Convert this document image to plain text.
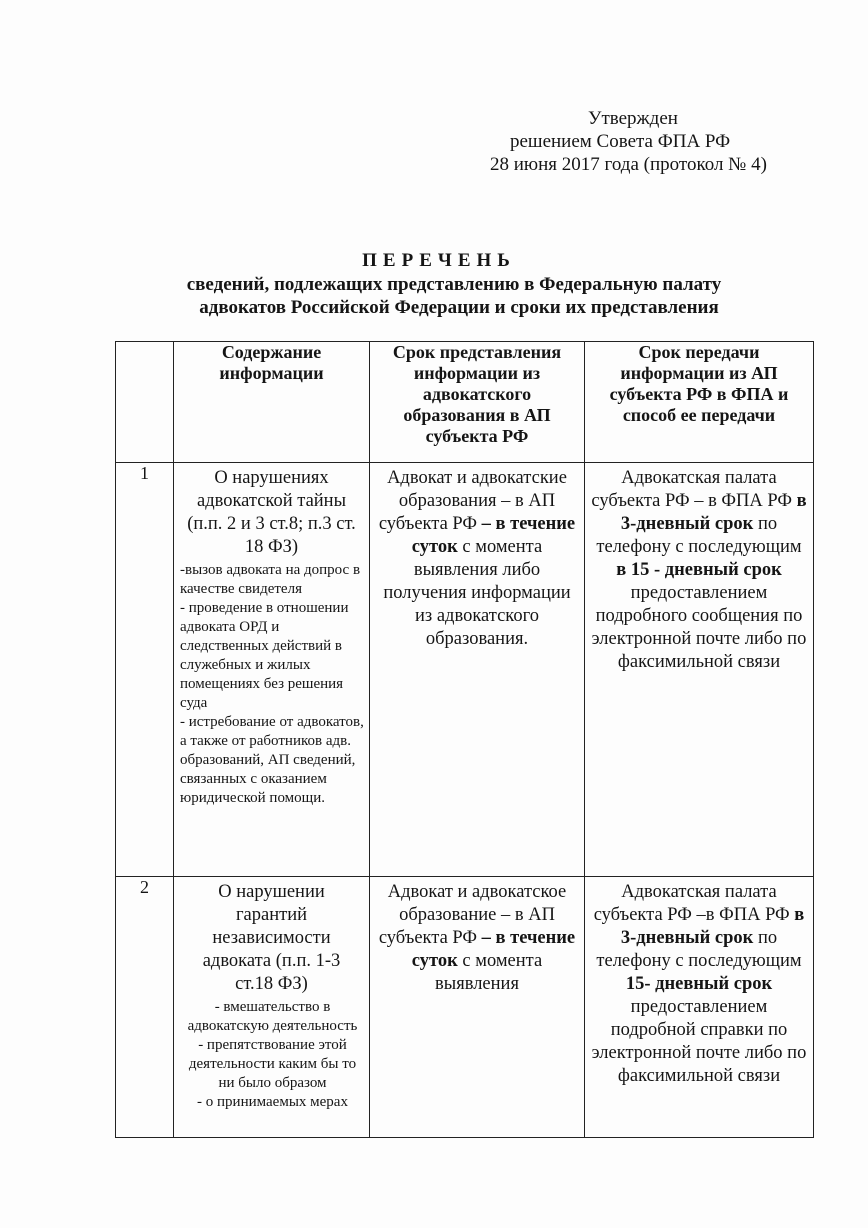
Утвержден
решением Совета ФПА РФ
28 июня 2017 года (протокол № 4)
ПЕРЕЧЕНЬ
сведений, подлежащих представлению в Федеральную палату
адвокатов Российской Федерации и сроки их представления
	Содержание информации	Срок представления информации из адвокатского образования в АП субъекта РФ	Срок передачи информации из АП субъекта РФ в ФПА и способ ее передачи
1	О нарушениях адвокатской тайны (п.п. 2 и 3 ст.8; п.3 ст. 18 ФЗ)
-вызов адвоката на допрос в качестве свидетеля
- проведение в отношении адвоката ОРД и следственных действий в служебных и жилых помещениях без решения суда
- истребование от адвокатов, а также от работников адв. образований, АП сведений, связанных с оказанием юридической помощи.	Адвокат и адвокатские образования – в АП субъекта РФ – в течение суток с момента выявления либо получения информации из адвокатского образования.	Адвокатская палата субъекта РФ – в ФПА РФ в 3-дневный срок по телефону с последующим в 15 - дневный срок предоставлением подробного сообщения по электронной почте либо по факсимильной связи

2	О нарушении гарантий независимости адвоката (п.п. 1-3 ст.18 ФЗ)
- вмешательство в адвокатскую деятельность
- препятствование этой деятельности каким бы то ни было образом
- о принимаемых мерах	Адвокат и адвокатское образование – в АП субъекта РФ – в течение суток с момента выявления	Адвокатская палата субъекта РФ –в ФПА РФ в 3-дневный срок по телефону с последующим 15- дневный срок предоставлением подробной справки по электронной почте либо по факсимильной связи
